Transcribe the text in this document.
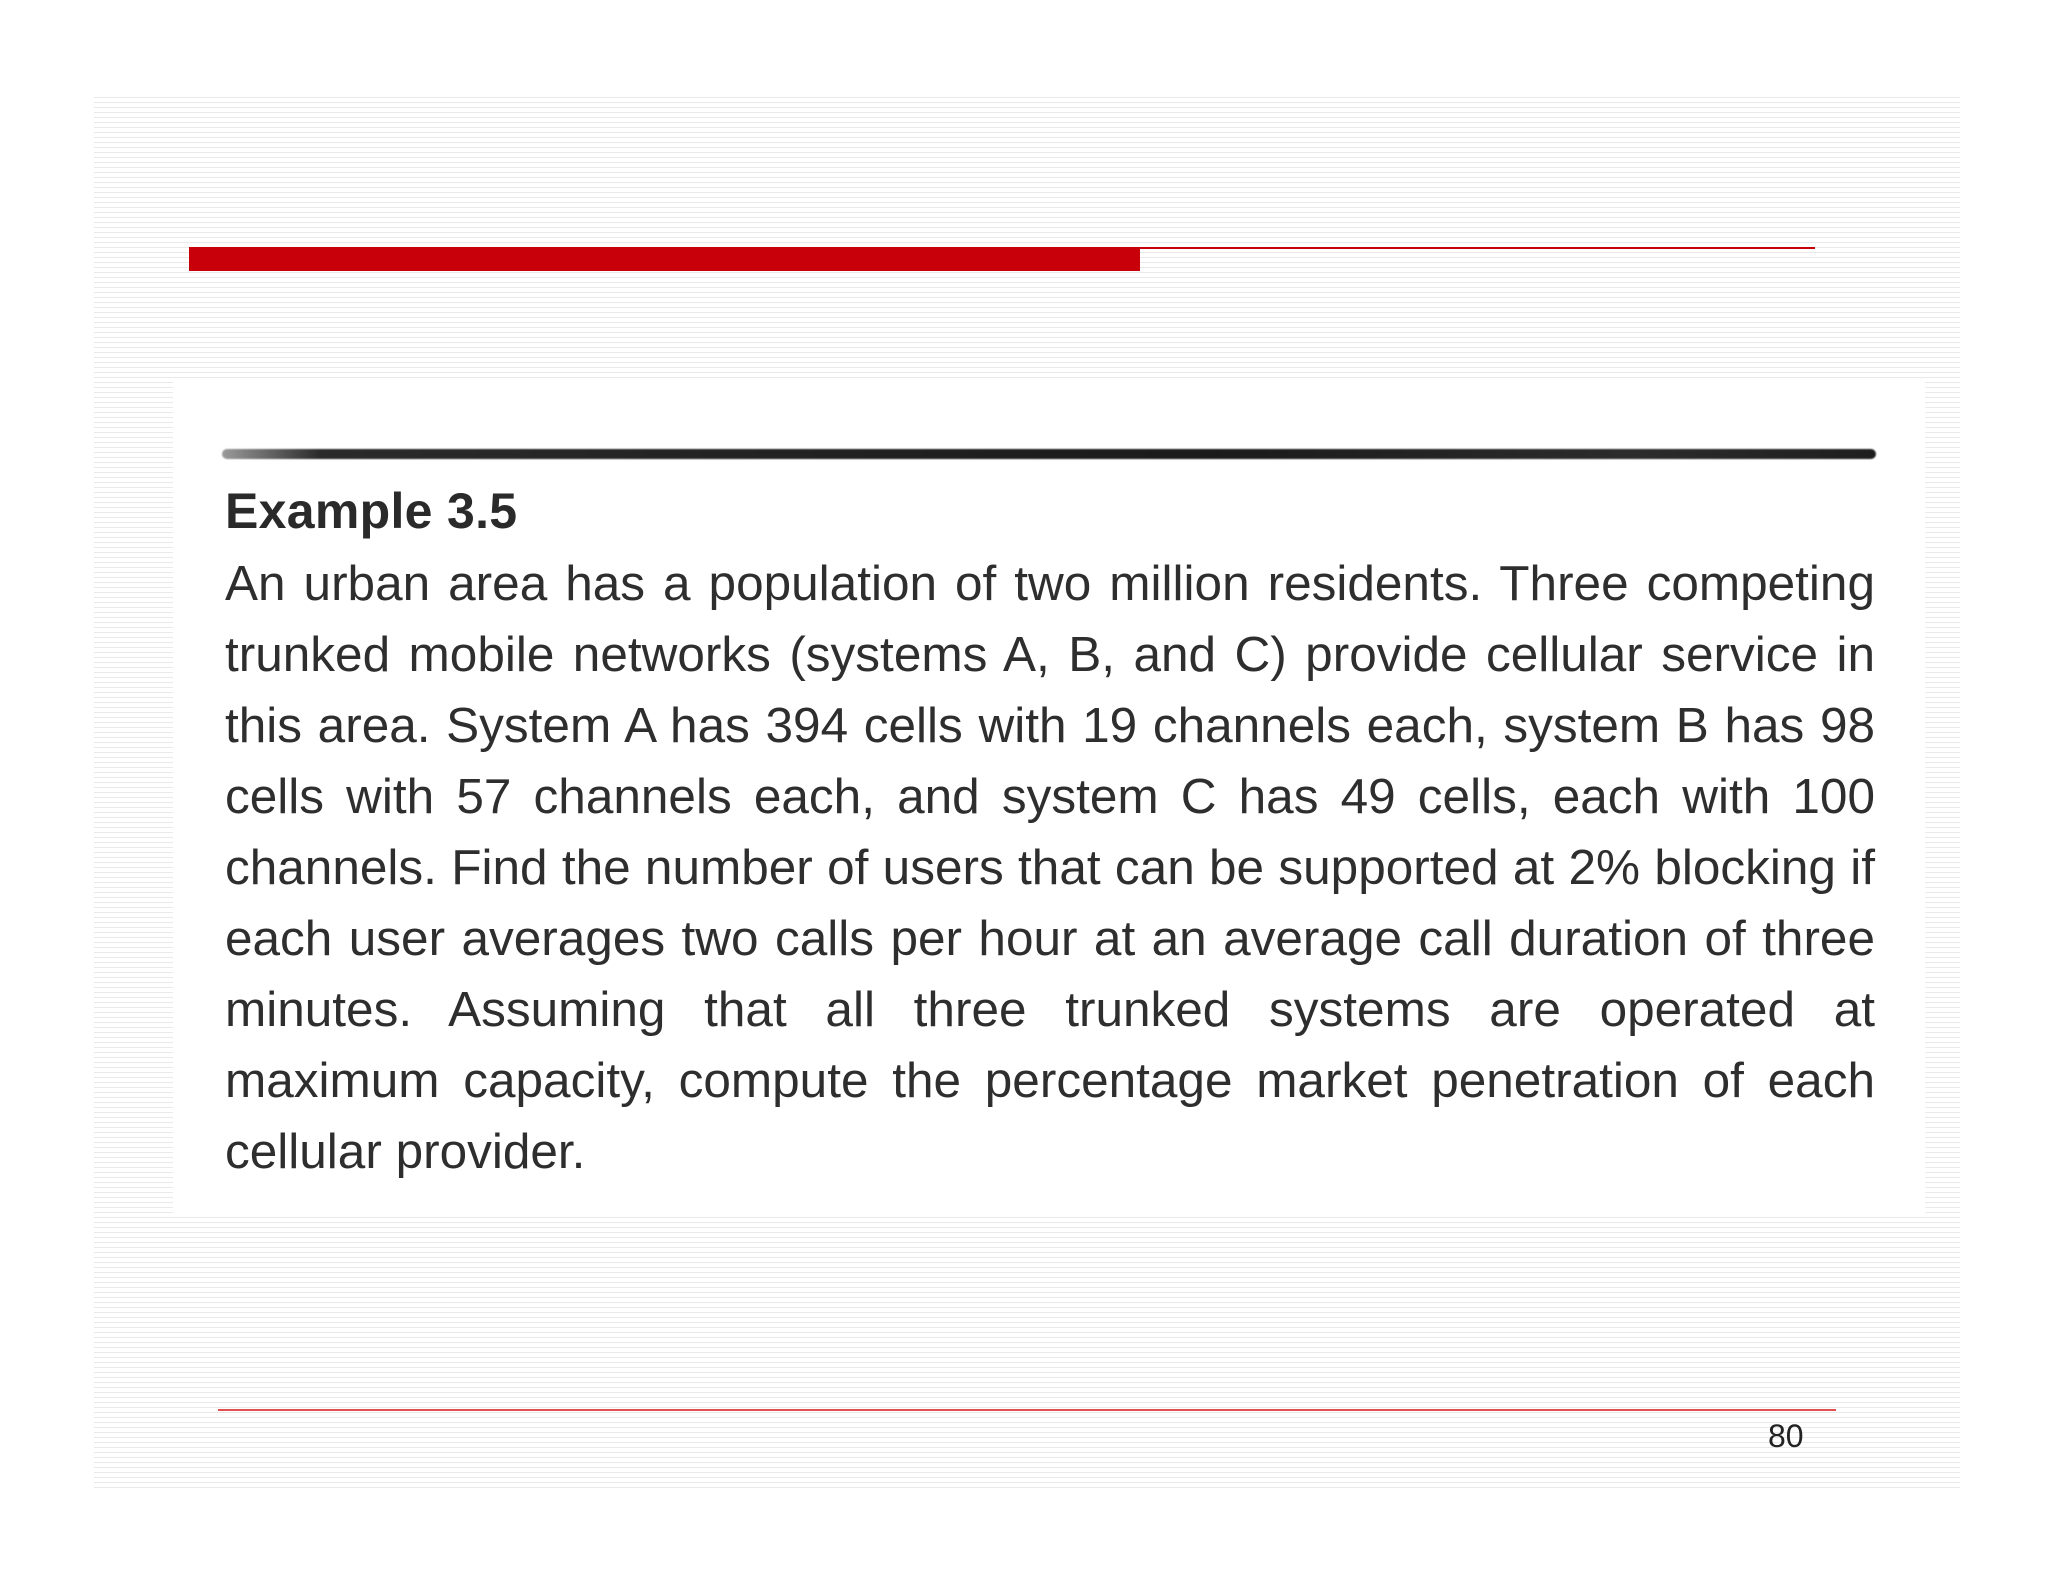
Example 3.5
An urban area has a population of two million residents. Three competing trunked mobile networks (systems A, B, and C) provide cellular service in this area. System A has 394 cells with 19 channels each, system B has 98 cells with 57 channels each, and system C has 49 cells, each with 100 channels. Find the number of users that can be supported at 2% blocking if each user averages two calls per hour at an average call duration of three minutes. Assuming that all three trunked systems are operated at maximum capacity, compute the percentage market penetration of each cellular provider.
80
